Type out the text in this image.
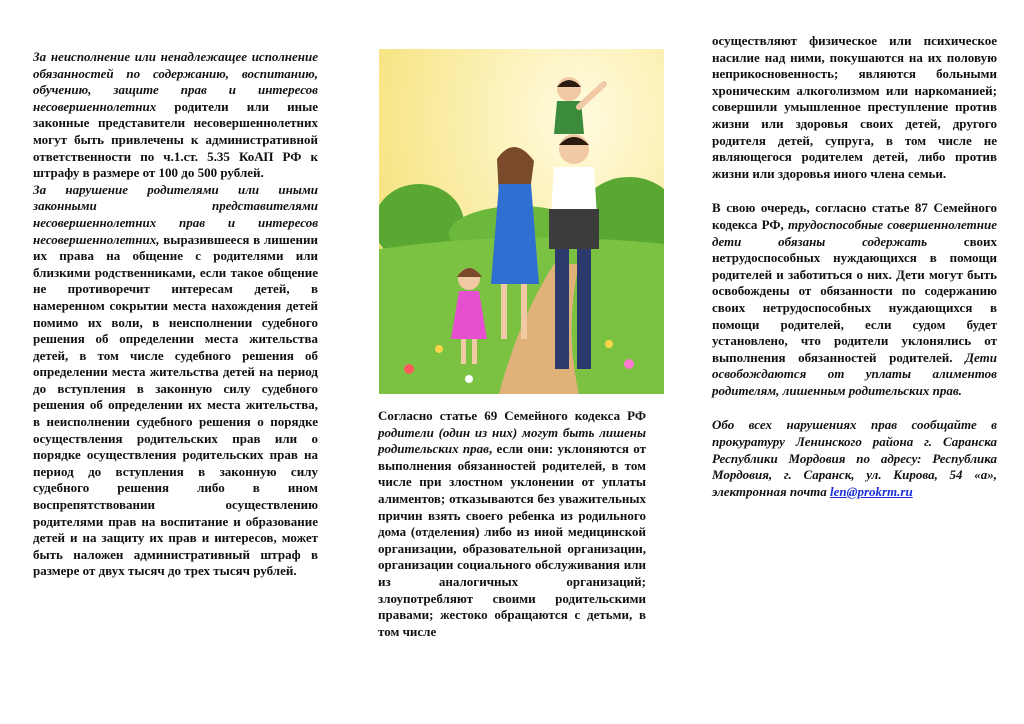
За неисполнение или ненадлежащее исполнение обязанностей по содержанию, воспитанию, обучению, защите прав и интересов несовершеннолетних родители или иные законные представители несовершеннолетних могут быть привлечены к административной ответственности по ч.1.ст. 5.35 КоАП РФ к штрафу в размере от 100 до 500 рублей.

За нарушение родителями или иными законными представителями несовершеннолетних прав и интересов несовершеннолетних, выразившееся в лишении их права на общение с родителями или близкими родственниками, если такое общение не противоречит интересам детей, в намеренном сокрытии места нахождения детей помимо их воли, в неисполнении судебного решения об определении места жительства детей, в том числе судебного решения об определении места жительства детей на период до вступления в законную силу судебного решения об определении их места жительства, в неисполнении судебного решения о порядке осуществления родительских прав или о порядке осуществления родительских прав на период до вступления в законную силу судебного решения либо в ином воспрепятствовании осуществлению родителями прав на воспитание и образование детей и на защиту их прав и интересов, может быть наложен административный штраф в размере от двух тысяч до трех тысяч рублей.

Согласно статье 69 Семейного кодекса РФ родители (один из них) могут быть лишены родительских прав, если они: уклоняются от выполнения обязанностей родителей, в том числе при злостном уклонении от уплаты алиментов; отказываются без уважительных причин взять своего ребенка из родильного дома (отделения) либо из иной медицинской организации, образовательной организации, организации социального обслуживания или из аналогичных организаций; злоупотребляют своими родительскими правами; жестоко обращаются с детьми, в том числе

осуществляют физическое или психическое насилие над ними, покушаются на их половую неприкосновенность; являются больными хроническим алкоголизмом или наркоманией; совершили умышленное преступление против жизни или здоровья своих детей, другого родителя детей, супруга, в том числе не являющегося родителем детей, либо против жизни или здоровья иного члена семьи.

В свою очередь, согласно статье 87 Семейного кодекса РФ, трудоспособные совершеннолетние дети обязаны содержать своих нетрудоспособных нуждающихся в помощи родителей и заботиться о них. Дети могут быть освобождены от обязанности по содержанию своих нетрудоспособных нуждающихся в помощи родителей, если судом будет установлено, что родители уклонялись от выполнения обязанностей родителей. Дети освобождаются от уплаты алиментов родителям, лишенным родительских прав.

Обо всех нарушениях прав сообщайте в прокуратуру Ленинского района г. Саранска Республики Мордовия по адресу: Республика Мордовия, г. Саранск, ул. Кирова, 54 «а», электронная почта len@prokrm.ru
